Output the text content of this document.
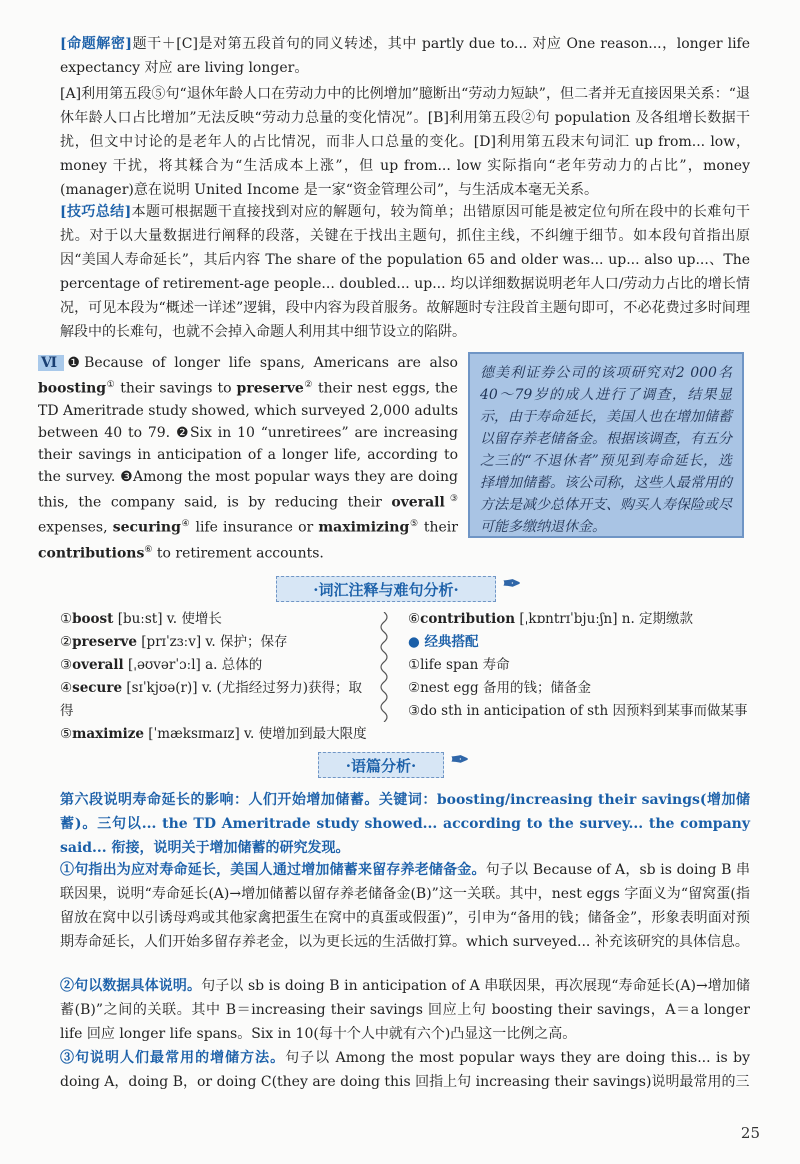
[命题解密]题干＋[C]是对第五段首句的同义转述，其中 partly due to... 对应 One reason...，longer life expectancy 对应 are living longer。

[A]利用第五段⑤句“退休年龄人口在劳动力中的比例增加”臆断出“劳动力短缺”，但二者并无直接因果关系：“退休年龄人口占比增加”无法反映“劳动力总量的变化情况”。[B]利用第五段②句 population 及各组增长数据干扰，但文中讨论的是老年人的占比情况，而非人口总量的变化。[D]利用第五段末句词汇 up from... low，money 干扰，将其糅合为“生活成本上涨”，但 up from... low 实际指向“老年劳动力的占比”，money (manager)意在说明 United Income 是一家“资金管理公司”，与生活成本毫无关系。

[技巧总结]本题可根据题干直接找到对应的解题句，较为简单；出错原因可能是被定位句所在段中的长难句干扰。对于以大量数据进行阐释的段落，关键在于找出主题句，抓住主线，不纠缠于细节。如本段句首指出原因“美国人寿命延长”，其后内容 The share of the population 65 and older was... up... also up...、The percentage of retirement-age people... doubled... up... 均以详细数据说明老年人口/劳动力占比的增长情况，可见本段为“概述一详述”逻辑，段中内容为段首服务。故解题时专注段首主题句即可，不必花费过多时间理解段中的长难句，也就不会掉入命题人利用其中细节设立的陷阱。

Ⅵ ❶Because of longer life spans, Americans are also boosting① their savings to preserve② their nest eggs, the TD Ameritrade study showed, which surveyed 2,000 adults between 40 to 79. ❷Six in 10 “unretirees” are increasing their savings in anticipation of a longer life, according to the survey. ❸Among the most popular ways they are doing this, the company said, is by reducing their overall③ expenses, securing④ life insurance or maximizing⑤ their contributions⑥ to retirement accounts.

德美利证券公司的该项研究对2 000名40～79岁的成人进行了调查，结果显示，由于寿命延长，美国人也在增加储蓄以留存养老储备金。根据该调查，有五分之三的“不退休者”预见到寿命延长，选择增加储蓄。该公司称，这些人最常用的方法是减少总体开支、购买人寿保险或尽可能多缴纳退休金。
·词汇注释与难句分析· ✒
①boost [buːst] v. 使增长
②preserve [prɪˈzɜːv] v. 保护；保存
③overall [ˌəʊvərˈɔːl] a. 总体的
④secure [sɪˈkjʊə(r)] v. (尤指经过努力)获得；取得
⑤maximize [ˈmæksɪmaɪz] v. 使增加到最大限度
⑥contribution [ˌkɒntrɪˈbjuːʃn] n. 定期缴款
● 经典搭配
①life span 寿命
②nest egg 备用的钱；储备金
③do sth in anticipation of sth 因预料到某事而做某事
·语篇分析· ✒

第六段说明寿命延长的影响：人们开始增加储蓄。关键词：boosting/increasing their savings(增加储蓄)。三句以... the TD Ameritrade study showed... according to the survey... the company said... 衔接，说明关于增加储蓄的研究发现。

①句指出为应对寿命延长，美国人通过增加储蓄来留存养老储备金。句子以 Because of A，sb is doing B 串联因果，说明“寿命延长(A)→增加储蓄以留存养老储备金(B)”这一关联。其中，nest eggs 字面义为“留窝蛋(指留放在窝中以引诱母鸡或其他家禽把蛋生在窝中的真蛋或假蛋)”，引申为“备用的钱；储备金”，形象表明面对预期寿命延长，人们开始多留存养老金，以为更长远的生活做打算。which surveyed... 补充该研究的具体信息。

②句以数据具体说明。句子以 sb is doing B in anticipation of A 串联因果，再次展现“寿命延长(A)→增加储蓄(B)”之间的关联。其中 B＝increasing their savings 回应上句 boosting their savings，A＝a longer life 回应 longer life spans。Six in 10(每十个人中就有六个)凸显这一比例之高。

③句说明人们最常用的增储方法。句子以 Among the most popular ways they are doing this... is by doing A，doing B，or doing C(they are doing this 回指上句 increasing their savings)说明最常用的三

25
